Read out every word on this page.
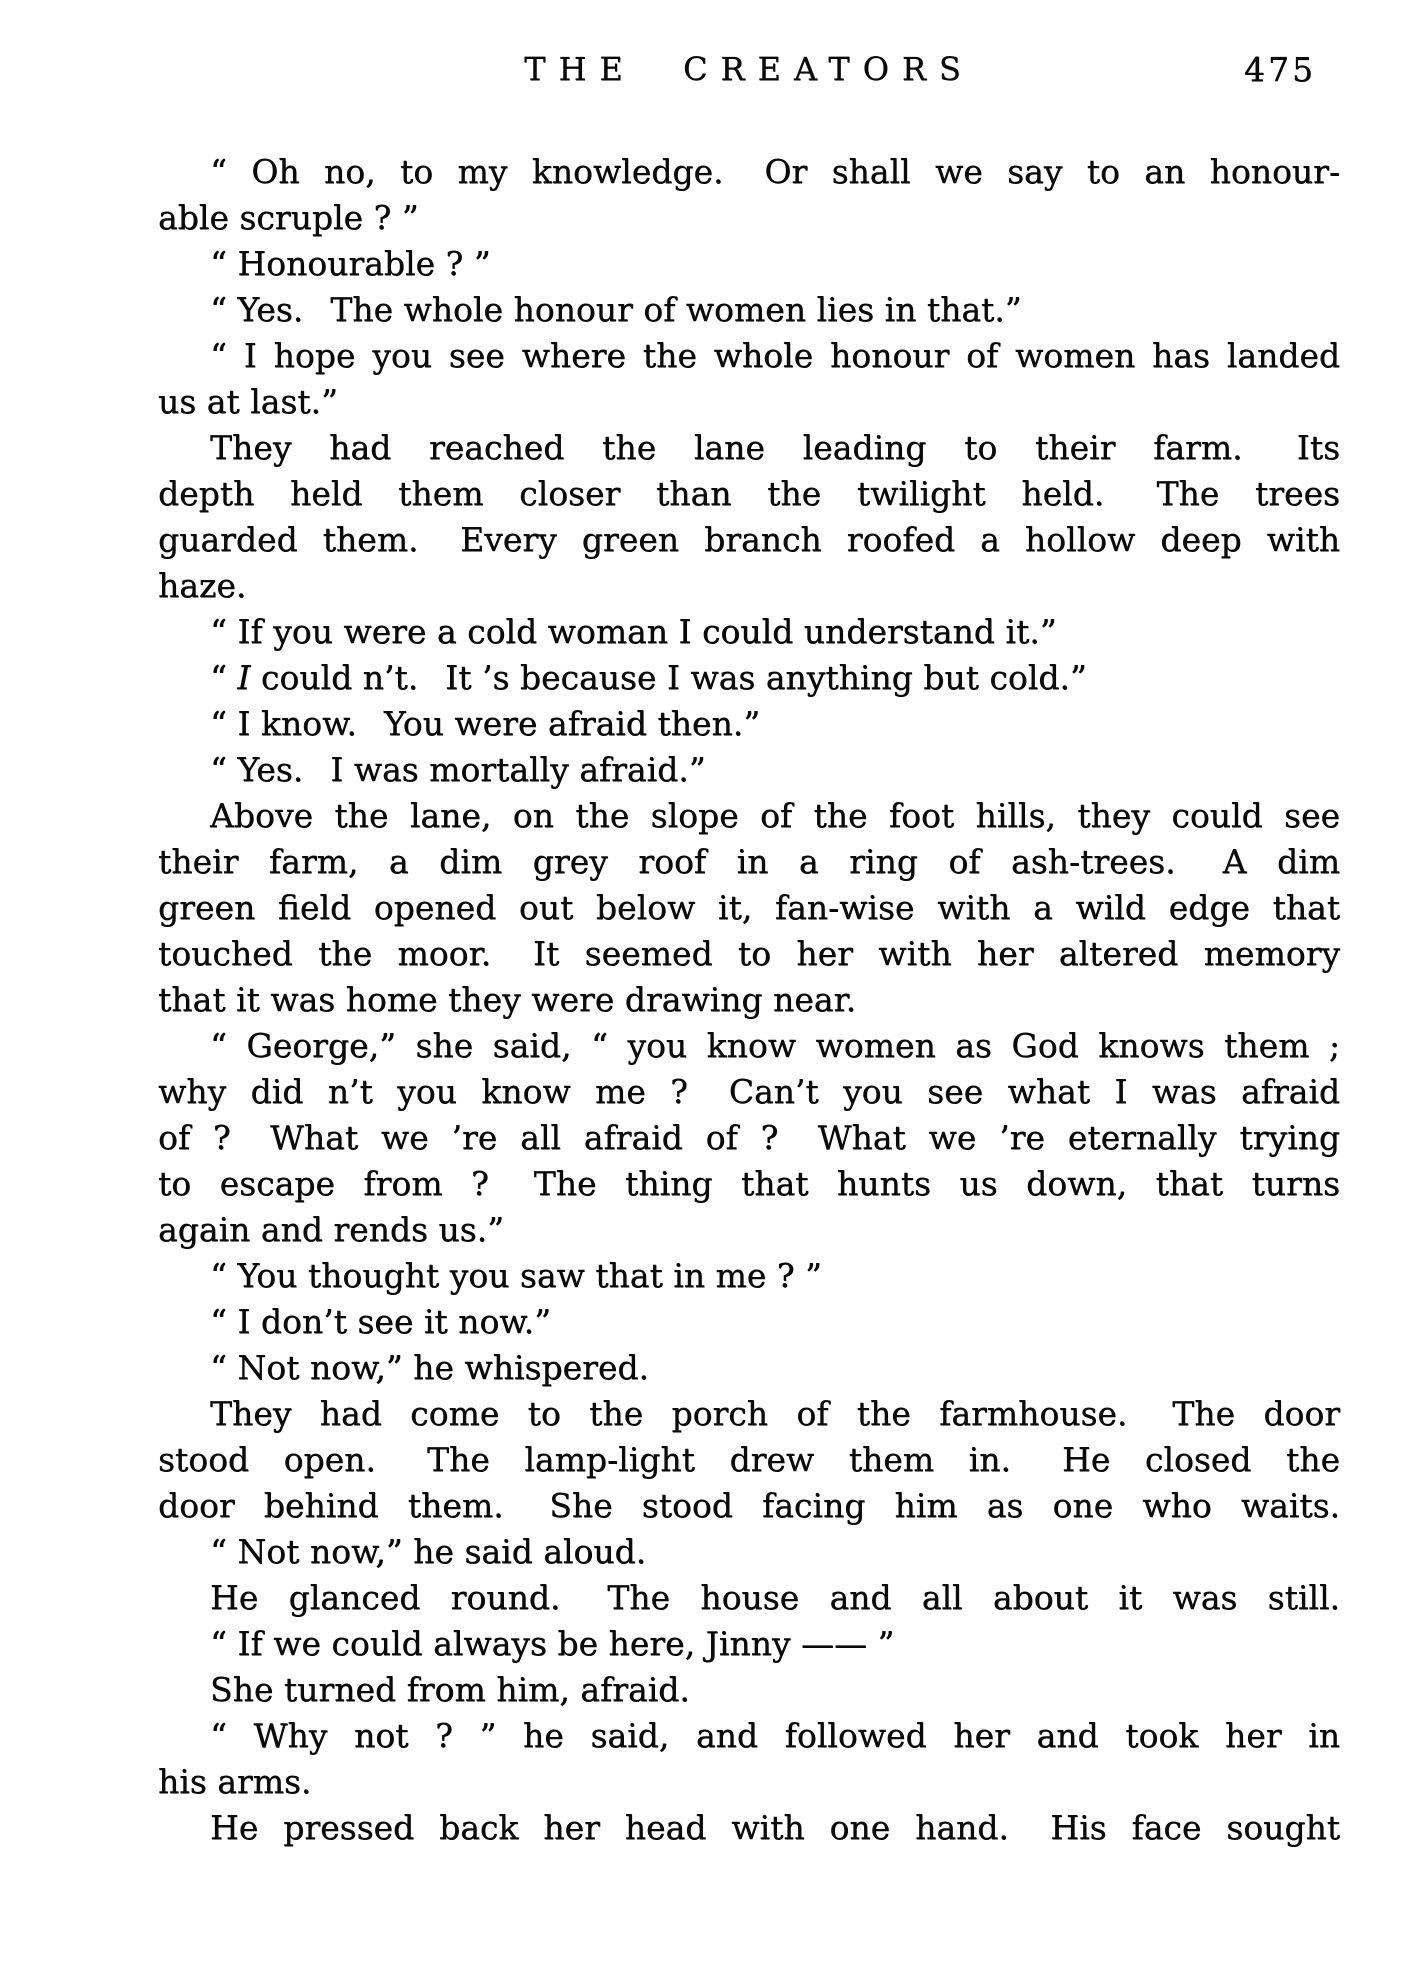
THE CREATORS	475
“ Oh no, to my knowledge.  Or shall we say to an honour-
able scruple ? ”
“ Honourable ? ”
“ Yes.  The whole honour of women lies in that.”
“ I hope you see where the whole honour of women has landed
us at last.”
They had reached the lane leading to their farm.  Its
depth held them closer than the twilight held.  The trees
guarded them.  Every green branch roofed a hollow deep with
haze.
“ If you were a cold woman I could understand it.”
“ I could n’t.  It ’s because I was anything but cold.”
“ I know.  You were afraid then.”
“ Yes.  I was mortally afraid.”
Above the lane, on the slope of the foot hills, they could see
their farm, a dim grey roof in a ring of ash-trees.  A dim
green field opened out below it, fan-wise with a wild edge that
touched the moor.  It seemed to her with her altered memory
that it was home they were drawing near.
“ George,” she said, “ you know women as God knows them ;
why did n’t you know me ?  Can’t you see what I was afraid
of ?  What we ’re all afraid of ?  What we ’re eternally trying
to escape from ?  The thing that hunts us down, that turns
again and rends us.”
“ You thought you saw that in me ? ”
“ I don’t see it now.”
“ Not now,” he whispered.
They had come to the porch of the farmhouse.  The door
stood open.  The lamp-light drew them in.  He closed the
door behind them.  She stood facing him as one who waits.
“ Not now,” he said aloud.
He glanced round.  The house and all about it was still.
“ If we could always be here, Jinny —— ”
She turned from him, afraid.
“ Why not ? ” he said, and followed her and took her in
his arms.
He pressed back her head with one hand.  His face sought
